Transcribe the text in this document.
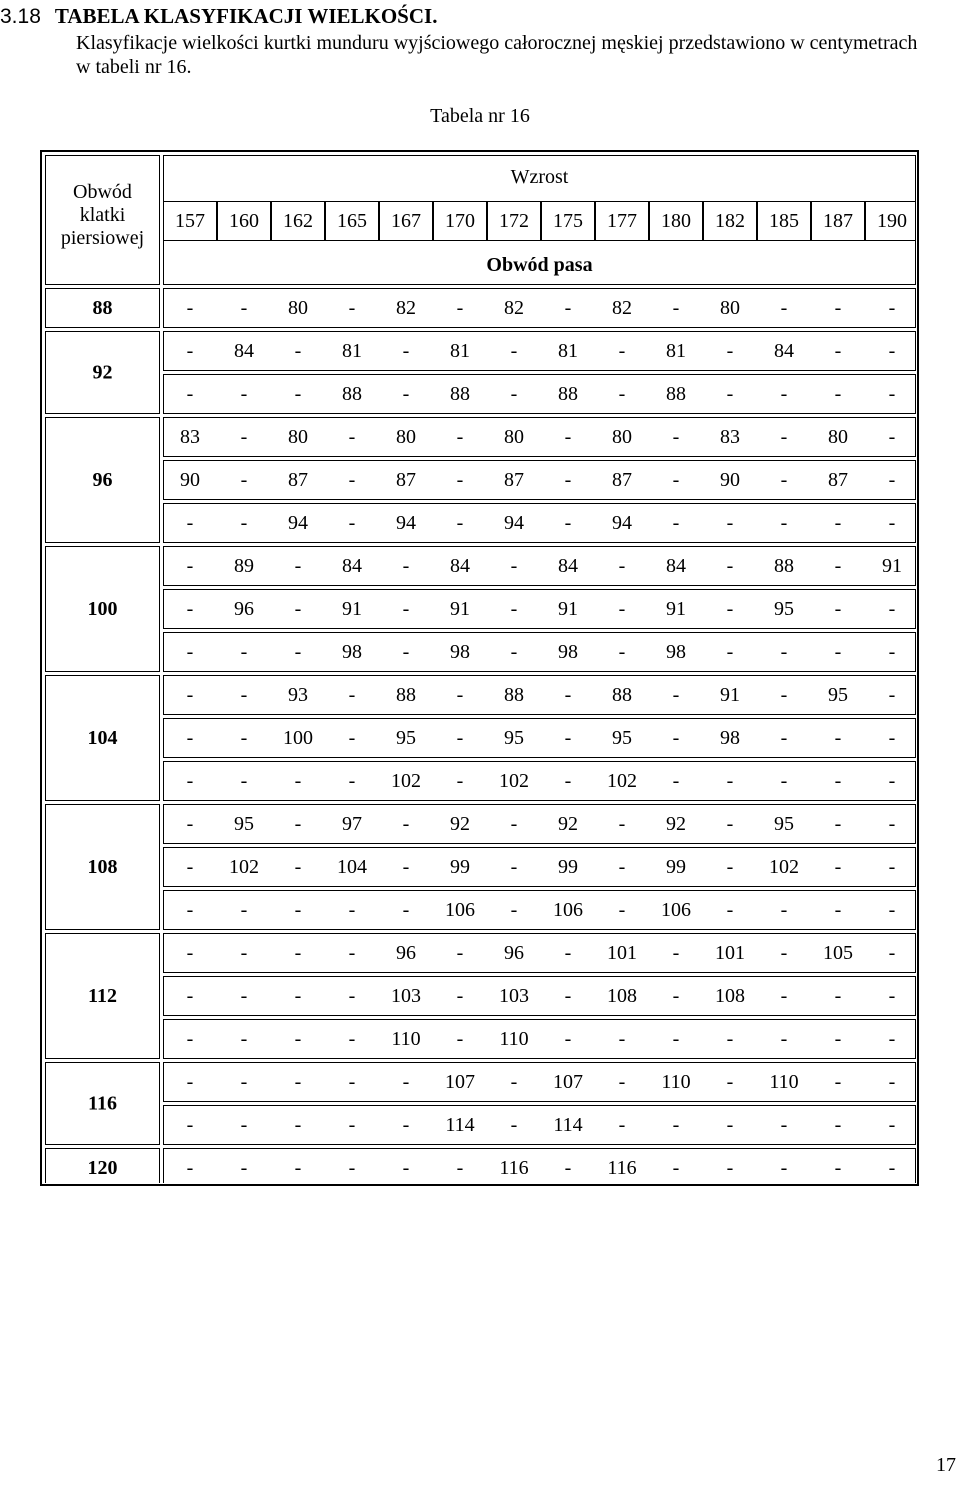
3.18 TABELA KLASYFIKACJI WIELKOŚCI.
Klasyfikacje wielkości kurtki munduru wyjściowego całorocznej męskiej przedstawiono w centymetrach w tabeli nr 16.
Tabela nr 16
Obwód
klatki
piersiowej
Wzrost
Obwód pasa
157 160 162 165 167 170 172 175 177 180 182 185 187 190
88	- - 80 - 82 - 82 - 82 - 80 - - -
92
- 84 - 81 - 81 - 81 - 81 - 84 - -
- - - 88 - 88 - 88 - 88 - - - -
96
83 - 80 - 80 - 80 - 80 - 83 - 80 -
90 - 87 - 87 - 87 - 87 - 90 - 87 -
- - 94 - 94 - 94 - 94 - - - - -
100
- 89 - 84 - 84 - 84 - 84 - 88 - 91
- 96 - 91 - 91 - 91 - 91 - 95 - -
- - - 98 - 98 - 98 - 98 - - - -
104
- - 93 - 88 - 88 - 88 - 91 - 95 -
- - 100 - 95 - 95 - 95 - 98 - - -
- - - - 102 - 102 - 102 - - - - -
108
- 95 - 97 - 92 - 92 - 92 - 95 - -
- 102 - 104 - 99 - 99 - 99 - 102 - -
- - - - - 106 - 106 - 106 - - - -
112
- - - - 96 - 96 - 101 - 101 - 105 -
- - - - 103 - 103 - 108 - 108 - - -
- - - - 110 - 110 - - - - - - -
116
- - - - - 107 - 107 - 110 - 110 - -
- - - - - 114 - 114 - - - - - -
120	- - - - - - 116 - 116 - - - - -
17
